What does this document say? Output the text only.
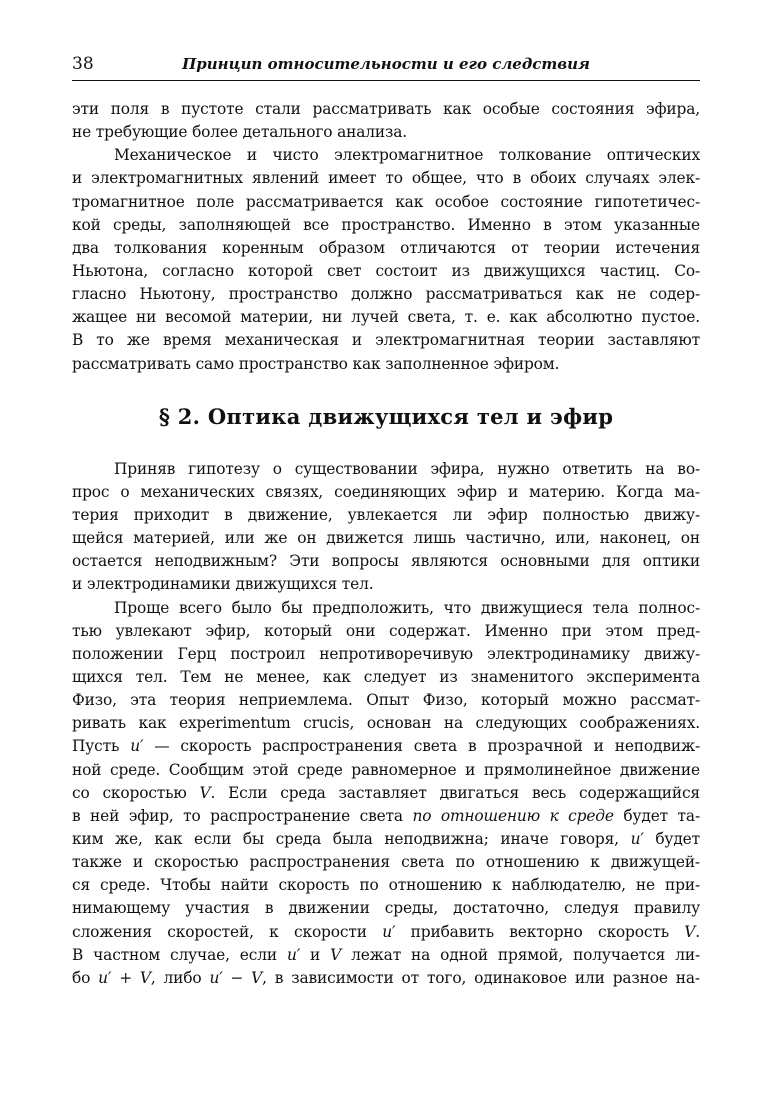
38	Принцип относительности и его следствия
эти поля в пустоте стали рассматривать как особые состояния эфира,
не требующие более детального анализа.
Механическое и чисто электромагнитное толкование оптических
и электромагнитных явлений имеет то общее, что в обоих случаях элек-
тромагнитное поле рассматривается как особое состояние гипотетичес-
кой среды, заполняющей все пространство. Именно в этом указанные
два толкования коренным образом отличаются от теории истечения
Ньютона, согласно которой свет состоит из движущихся частиц. Со-
гласно Ньютону, пространство должно рассматриваться как не содер-
жащее ни весомой материи, ни лучей света, т. е. как абсолютно пустое.
В то же время механическая и электромагнитная теории заставляют
рассматривать само пространство как заполненное эфиром.
§ 2. Оптика движущихся тел и эфир
Приняв гипотезу о существовании эфира, нужно ответить на во-
прос о механических связях, соединяющих эфир и материю. Когда ма-
терия приходит в движение, увлекается ли эфир полностью движу-
щейся материей, или же он движется лишь частично, или, наконец, он
остается неподвижным? Эти вопросы являются основными для оптики
и электродинамики движущихся тел.
Проще всего было бы предположить, что движущиеся тела полнос-
тью увлекают эфир, который они содержат. Именно при этом пред-
положении Герц построил непротиворечивую электродинамику движу-
щихся тел. Тем не менее, как следует из знаменитого эксперимента
Физо, эта теория неприемлема. Опыт Физо, который можно рассмат-
ривать как experimentum crucis, основан на следующих соображениях.
Пусть u′ — скорость распространения света в прозрачной и неподвиж-
ной среде. Сообщим этой среде равномерное и прямолинейное движение
со скоростью V. Если среда заставляет двигаться весь содержащийся
в ней эфир, то распространение света по отношению к среде будет та-
ким же, как если бы среда была неподвижна; иначе говоря, u′ будет
также и скоростью распространения света по отношению к движущей-
ся среде. Чтобы найти скорость по отношению к наблюдателю, не при-
нимающему участия в движении среды, достаточно, следуя правилу
сложения скоростей, к скорости u′ прибавить векторно скорость V.
В частном случае, если u′ и V лежат на одной прямой, получается ли-
бо u′ + V, либо u′ − V, в зависимости от того, одинаковое или разное на-
